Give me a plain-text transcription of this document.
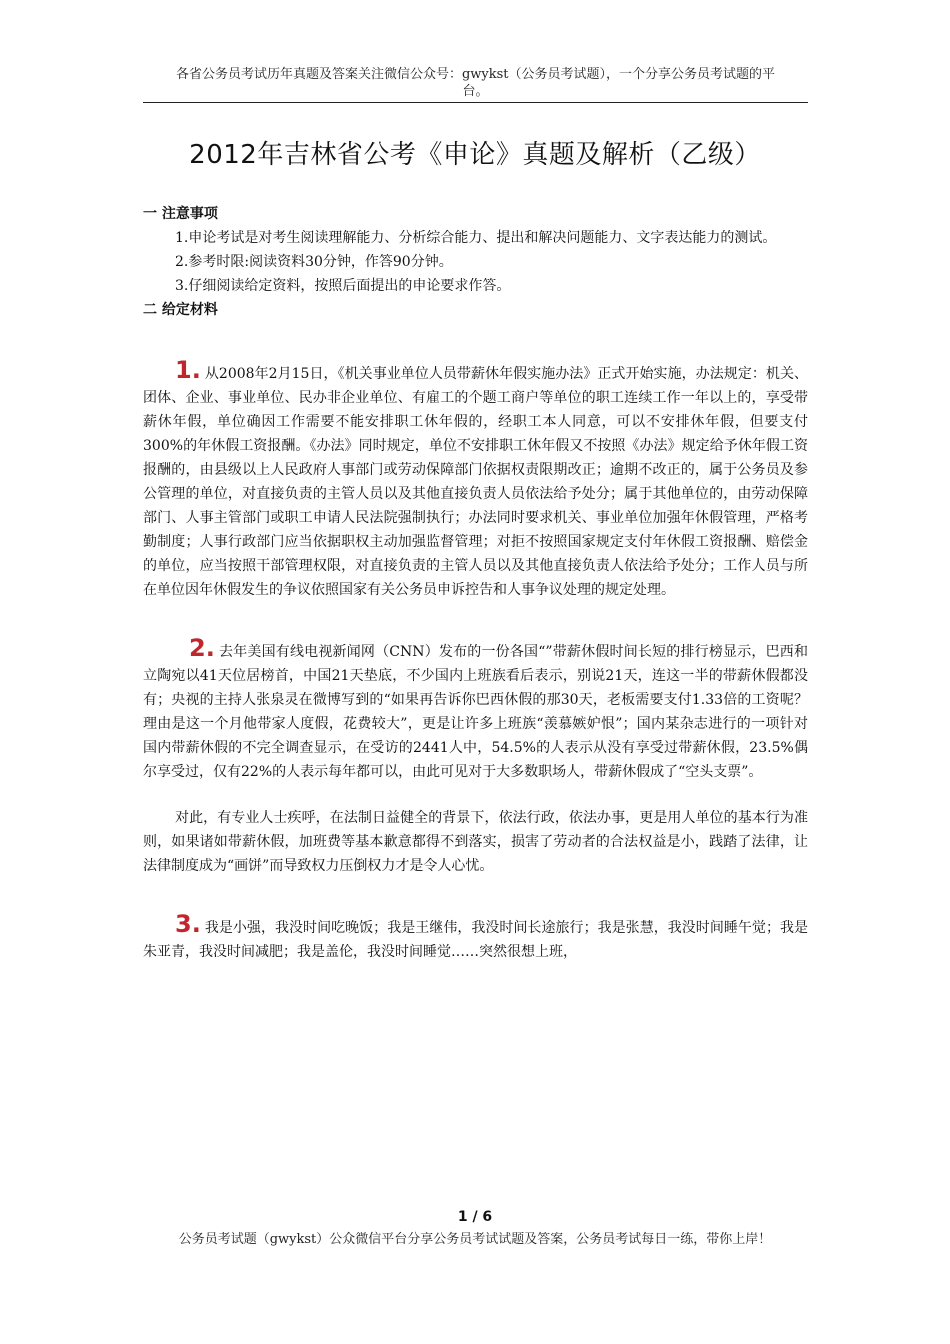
各省公务员考试历年真题及答案关注微信公众号：gwykst（公务员考试题），一个分享公务员考试题的平
台。
2012年吉林省公考《申论》真题及解析（乙级）

一 注意事项

1.申论考试是对考生阅读理解能力、分析综合能力、提出和解决问题能力、文字表达能力的测试。

2.参考时限:阅读资料30分钟，作答90分钟。

3.仔细阅读给定资料，按照后面提出的申论要求作答。

二 给定材料

1. 从2008年2月15日，《机关事业单位人员带薪休年假实施办法》正式开始实施，办法规定：机关、团体、企业、事业单位、民办非企业单位、有雇工的个题工商户等单位的职工连续工作一年以上的，享受带薪休年假，单位确因工作需要不能安排职工休年假的，经职工本人同意，可以不安排休年假，但要支付300%的年休假工资报酬。《办法》同时规定，单位不安排职工休年假又不按照《办法》规定给予休年假工资报酬的，由县级以上人民政府人事部门或劳动保障部门依据权责限期改正；逾期不改正的，属于公务员及参公管理的单位，对直接负责的主管人员以及其他直接负责人员依法给予处分；属于其他单位的，由劳动保障部门、人事主管部门或职工申请人民法院强制执行；办法同时要求机关、事业单位加强年休假管理，严格考勤制度；人事行政部门应当依据职权主动加强监督管理；对拒不按照国家规定支付年休假工资报酬、赔偿金的单位，应当按照干部管理权限，对直接负责的主管人员以及其他直接负责人依法给予处分；工作人员与所在单位因年休假发生的争议依照国家有关公务员申诉控告和人事争议处理的规定处理。

2. 去年美国有线电视新闻网（CNN）发布的一份各国“”带薪休假时间长短的排行榜显示，巴西和立陶宛以41天位居榜首，中国21天垫底，不少国内上班族看后表示，别说21天，连这一半的带薪休假都没有；央视的主持人张泉灵在微博写到的“如果再告诉你巴西休假的那30天，老板需要支付1.33倍的工资呢？理由是这一个月他带家人度假，花费较大”，更是让许多上班族“羡慕嫉妒恨”；国内某杂志进行的一项针对国内带薪休假的不完全调查显示，在受访的2441人中，54.5%的人表示从没有享受过带薪休假，23.5%偶尔享受过，仅有22%的人表示每年都可以，由此可见对于大多数职场人，带薪休假成了“空头支票”。

对此，有专业人士疾呼，在法制日益健全的背景下，依法行政，依法办事，更是用人单位的基本行为准则，如果诸如带薪休假，加班费等基本歉意都得不到落实，损害了劳动者的合法权益是小，践踏了法律，让法律制度成为“画饼”而导致权力压倒权力才是令人心忧。

3. 我是小强，我没时间吃晚饭；我是王继伟，我没时间长途旅行；我是张慧，我没时间睡午觉；我是朱亚青，我没时间减肥；我是盖伦，我没时间睡觉……突然很想上班，

1 / 6
公务员考试题（gwykst）公众微信平台分享公务员考试试题及答案，公务员考试每日一练，带你上岸！
